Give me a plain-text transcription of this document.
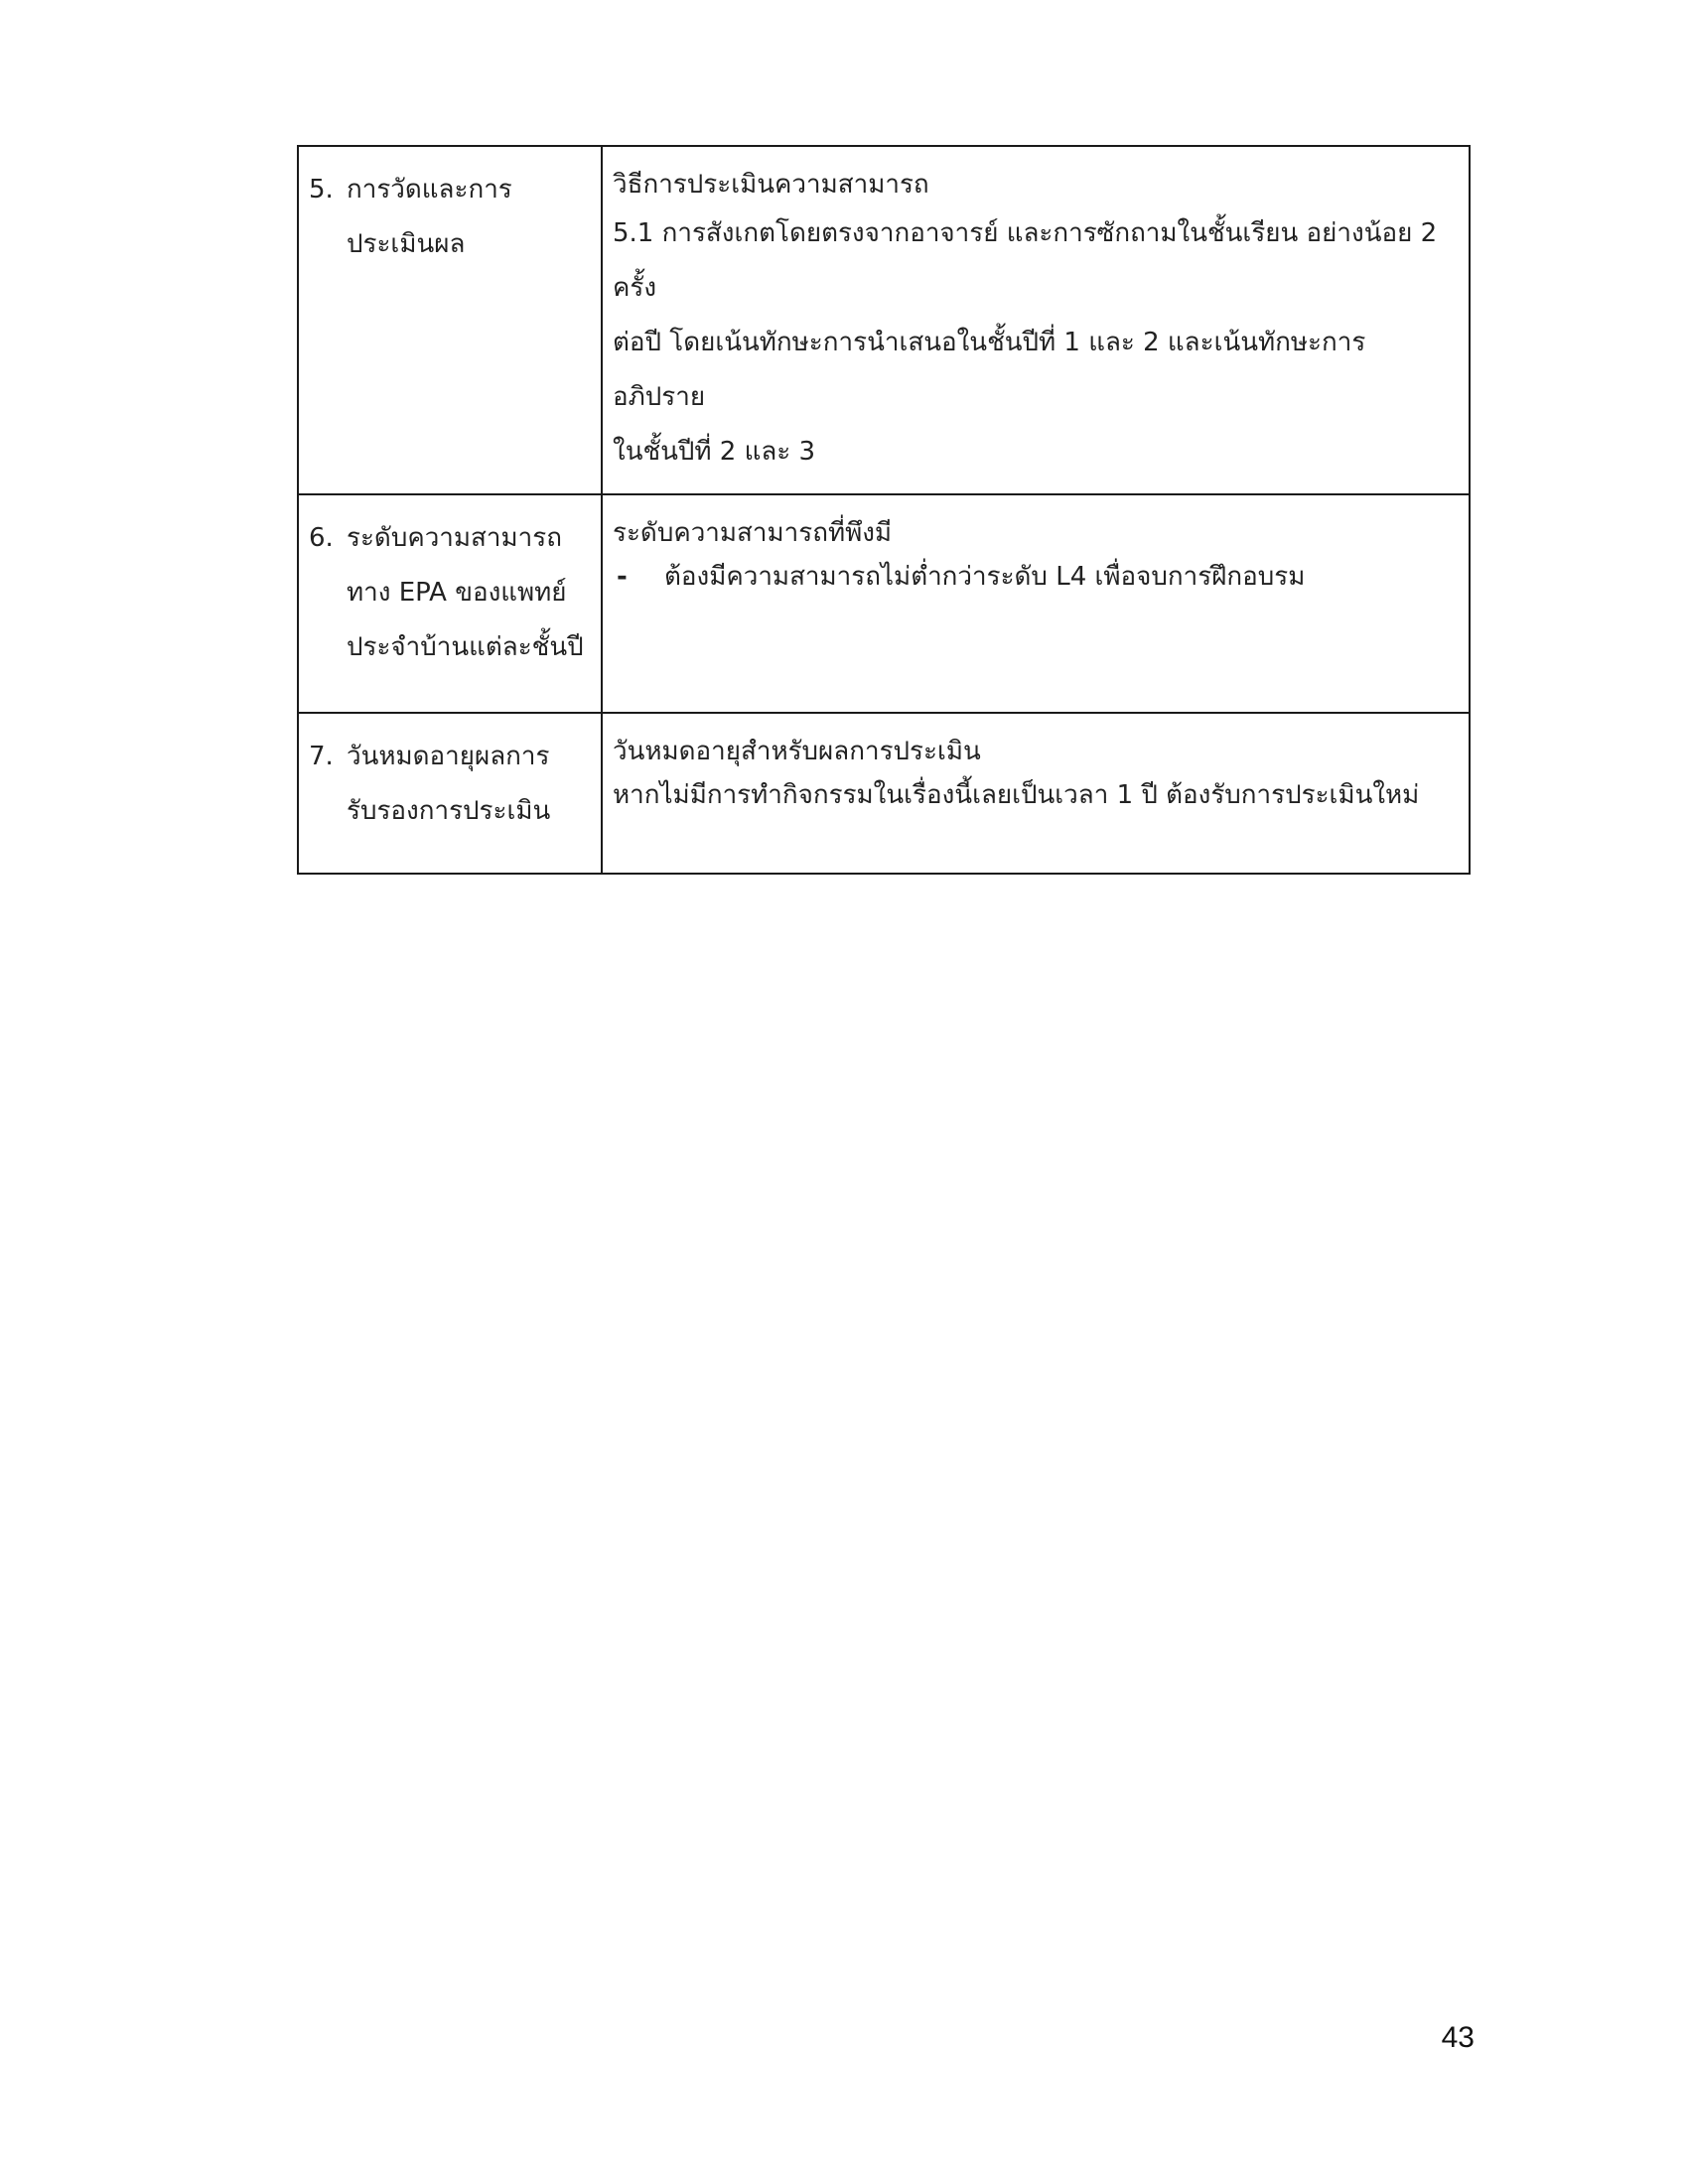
5. การวัดและการ
ประเมินผล	วิธีการประเมินความสามารถ
5.1 การสังเกตโดยตรงจากอาจารย์ และการซักถามในชั้นเรียน อย่างน้อย 2 ครั้ง
ต่อปี โดยเน้นทักษะการนำเสนอในชั้นปีที่ 1 และ 2 และเน้นทักษะการอภิปราย
ในชั้นปีที่ 2 และ 3

6. ระดับความสามารถ
ทาง EPA ของแพทย์
ประจำบ้านแต่ละชั้นปี	ระดับความสามารถที่พึงมี
- ต้องมีความสามารถไม่ต่ำกว่าระดับ L4 เพื่อจบการฝึกอบรม

7. วันหมดอายุผลการ
รับรองการประเมิน	วันหมดอายุสำหรับผลการประเมิน
หากไม่มีการทำกิจกรรมในเรื่องนี้เลยเป็นเวลา 1 ปี ต้องรับการประเมินใหม่
43
